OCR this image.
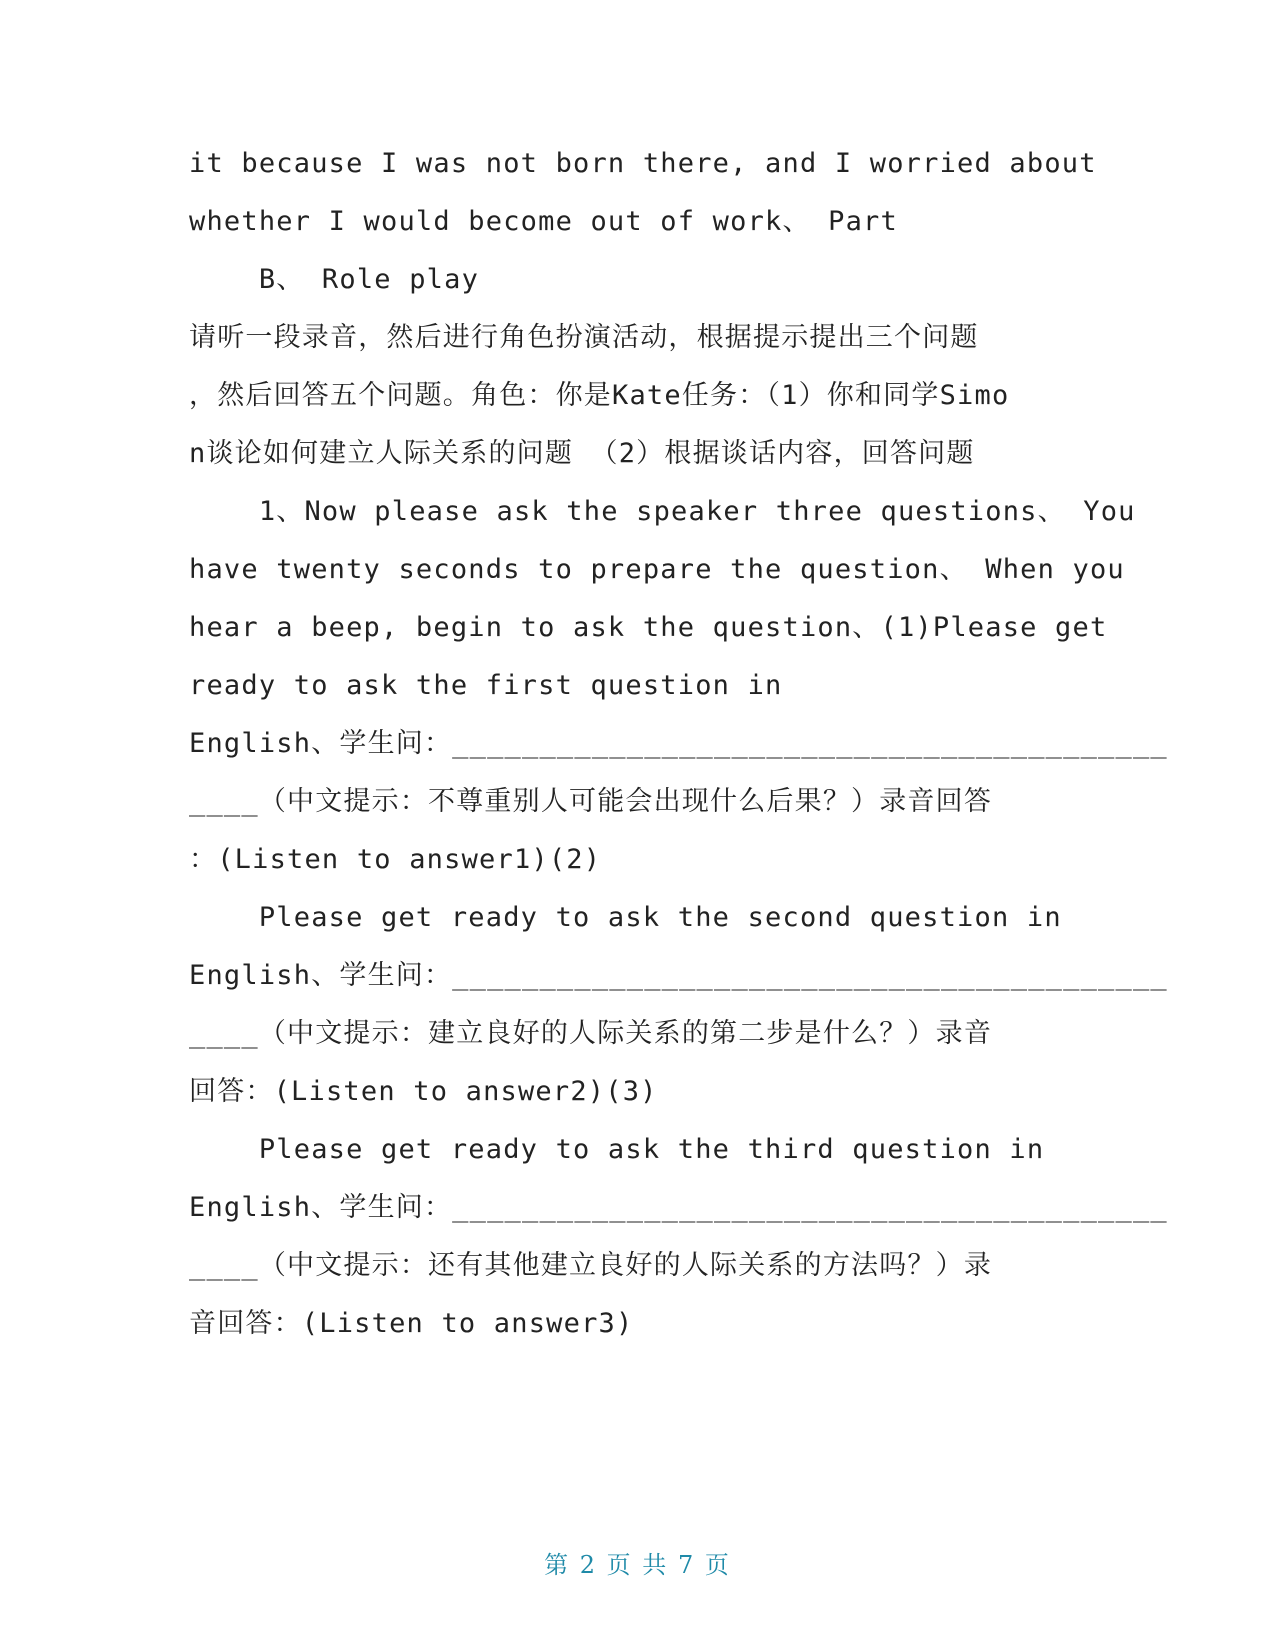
it because I was not born there, and I worried about
whether I would become out of work、 Part
B、 Role play
请听一段录音，然后进行角色扮演活动，根据提示提出三个问题
，然后回答五个问题。角色：你是Kate任务：（1）你和同学Simo
n谈论如何建立人际关系的问题 （2）根据谈话内容，回答问题
1、Now please ask the speaker three questions、 You
have twenty seconds to prepare the question、 When you
hear a beep, begin to ask the question、(1)Please get
ready to ask the first question in
English、学生问：_________________________________________
____（中文提示：不尊重别人可能会出现什么后果？）录音回答
：(Listen to answer1)(2)
Please get ready to ask the second question in
English、学生问：_________________________________________
____（中文提示：建立良好的人际关系的第二步是什么？）录音
回答：(Listen to answer2)(3)
Please get ready to ask the third question in
English、学生问：_________________________________________
____（中文提示：还有其他建立良好的人际关系的方法吗？）录
音回答：(Listen to answer3)
第 2 页 共 7 页
